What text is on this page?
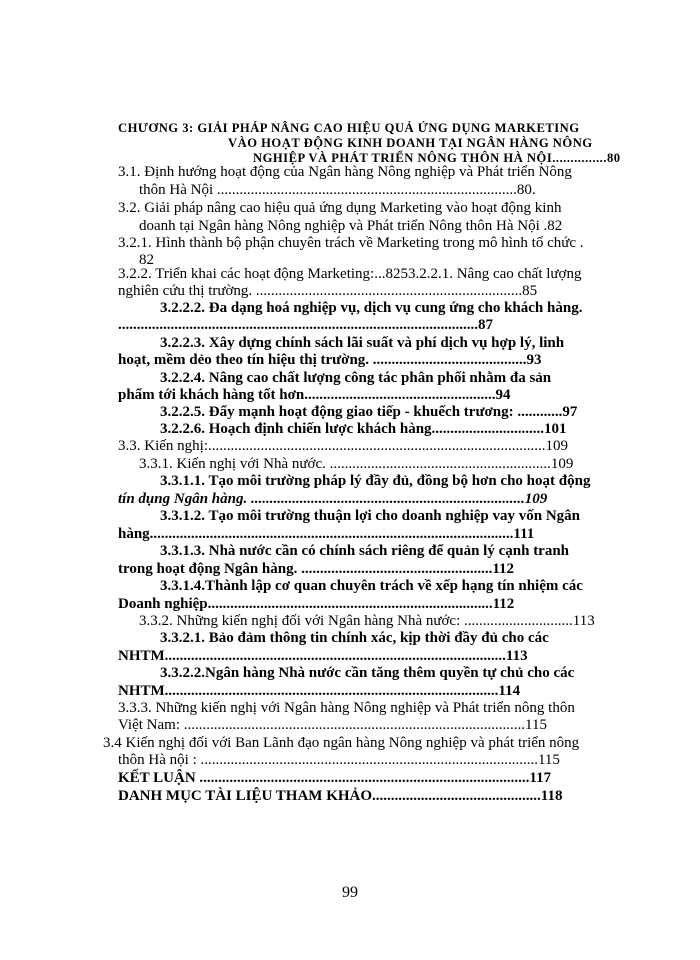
CHƯƠNG 3: GIẢI PHÁP NÂNG CAO HIỆU QUẢ ỨNG DỤNG MARKETING
VÀO HOẠT ĐỘNG KINH DOANH TẠI NGÂN HÀNG NÔNG
NGHIỆP VÀ PHÁT TRIỂN NÔNG THÔN HÀ NỘI...............80
3.1. Định hướng hoạt động của Ngân hàng Nông nghiệp và Phát triển Nông
thôn Hà Nội ................................................................................80.
3.2. Giải pháp nâng cao hiệu quả ứng dụng Marketing vào hoạt động kinh
doanh tại Ngân hàng Nông nghiệp và Phát triển Nông thôn Hà Nội .82
3.2.1. Hình thành bộ phận chuyên trách về Marketing trong mô hình tổ chức .
82
3.2.2. Triển khai các hoạt động Marketing:...8253.2.2.1. Nâng cao chất lượng
nghiên cứu thị trường. .......................................................................85
3.2.2.2. Đa dạng hoá nghiệp vụ, dịch vụ cung ứng cho khách hàng.
................................................................................................87
3.2.2.3. Xây dựng chính sách lãi suất và phí dịch vụ hợp lý, linh
hoạt, mềm dẻo theo tín hiệu thị trường. .........................................93
3.2.2.4. Nâng cao chất lượng công tác phân phối nhằm đa sản
phẩm tới khách hàng tốt hơn...................................................94
3.2.2.5. Đẩy mạnh hoạt động giao tiếp - khuếch trương: ............97
3.2.2.6. Hoạch định chiến lược khách hàng..............................101
3.3. Kiến nghị:..........................................................................................109
3.3.1. Kiến nghị với Nhà nước. ...........................................................109
3.3.1.1. Tạo môi trường pháp lý đầy đủ, đồng bộ hơn cho hoạt động
tín dụng Ngân hàng. .........................................................................109
3.3.1.2. Tạo môi trường thuận lợi cho doanh nghiệp vay vốn Ngân
hàng.................................................................................................111
3.3.1.3. Nhà nước cần có chính sách riêng để quản lý cạnh tranh
trong hoạt động Ngân hàng. ...................................................112
3.3.1.4.Thành lập cơ quan chuyên trách về xếp hạng tín nhiệm các
Doanh nghiệp............................................................................112
3.3.2. Những kiến nghị đối với Ngân hàng Nhà nước: .............................113
3.3.2.1. Bảo đảm thông tin chính xác, kịp thời đầy đủ cho các
NHTM...........................................................................................113
3.3.2.2.Ngân hàng Nhà nước cần tăng thêm quyền tự chủ cho các
NHTM.........................................................................................114
3.3.3. Những kiến nghị với Ngân hàng Nông nghiệp và Phát triển nông thôn
Việt Nam: ...........................................................................................115
3.4 Kiến nghị đối với Ban Lãnh đạo ngân hàng Nông nghiệp và phát triển nông
thôn Hà nội : ..........................................................................................115
KẾT LUẬN ........................................................................................117
DANH MỤC TÀI LIỆU THAM KHẢO.............................................118
99
